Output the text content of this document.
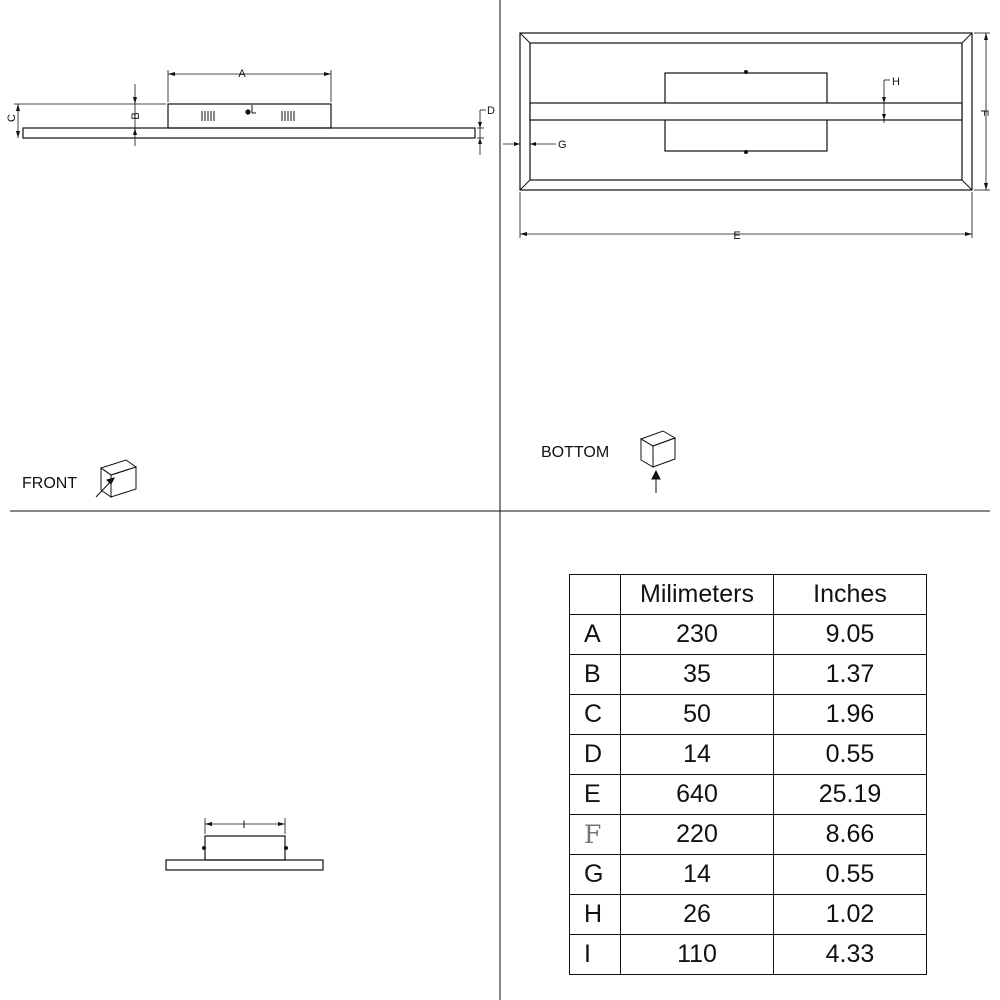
A
B
C
D
FRONT
H
F
G
E
BOTTOM
I
	Milimeters	Inches
A	230	9.05
B	35	1.37
C	50	1.96
D	14	0.55
E	640	25.19
F	220	8.66
G	14	0.55
H	26	1.02
I	110	4.33
